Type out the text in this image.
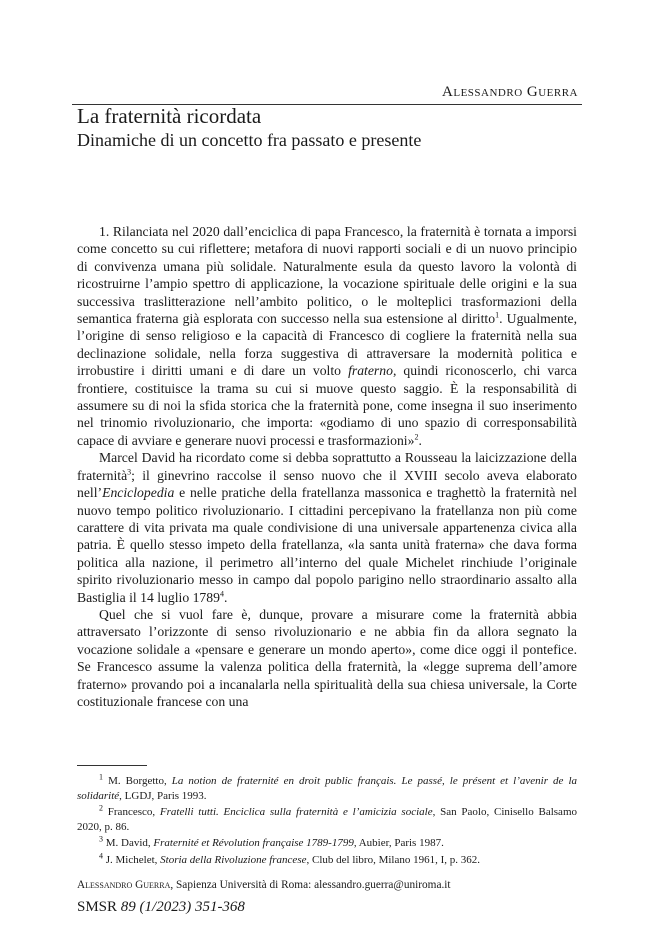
Alessandro Guerra
La fraternità ricordata
Dinamiche di un concetto fra passato e presente

1. Rilanciata nel 2020 dall’enciclica di papa Francesco, la fraternità è tornata a imporsi come concetto su cui riflettere; metafora di nuovi rapporti sociali e di un nuovo principio di convivenza umana più solidale. Naturalmente esula da questo lavoro la volontà di ricostruirne l’ampio spettro di applicazione, la vocazione spirituale delle origini e la sua successiva traslitterazione nell’ambito politico, o le molteplici trasformazioni della semantica fraterna già esplorata con successo nella sua estensione al diritto$^1$. Ugualmente, l’origine di senso religioso e la capacità di Francesco di cogliere la fraternità nella sua declinazione solidale, nella forza suggestiva di attraversare la modernità politica e irrobustire i diritti umani e di dare un volto fraterno, quindi riconoscerlo, chi varca frontiere, costituisce la trama su cui si muove questo saggio. È la responsabilità di assumere su di noi la sfida storica che la fraternità pone, come insegna il suo inserimento nel trinomio rivoluzionario, che importa: «godiamo di uno spazio di corresponsabilità capace di avviare e generare nuovi processi e trasformazioni»$^2$.

Marcel David ha ricordato come si debba soprattutto a Rousseau la laicizzazione della fraternità$^3$; il ginevrino raccolse il senso nuovo che il XVIII secolo aveva elaborato nell’Enciclopedia e nelle pratiche della fratellanza massonica e traghettò la fraternità nel nuovo tempo politico rivoluzionario. I cittadini percepivano la fratellanza non più come carattere di vita privata ma quale condivisione di una universale appartenenza civica alla patria. È quello stesso impeto della fratellanza, «la santa unità fraterna» che dava forma politica alla nazione, il perimetro all’interno del quale Michelet rinchiude l’originale spirito rivoluzionario messo in campo dal popolo parigino nello straordinario assalto alla Bastiglia il 14 luglio 1789$^4$.

Quel che si vuol fare è, dunque, provare a misurare come la fraternità abbia attraversato l’orizzonte di senso rivoluzionario e ne abbia fin da allora segnato la vocazione solidale a «pensare e generare un mondo aperto», come dice oggi il pontefice. Se Francesco assume la valenza politica della fraternità, la «legge suprema dell’amore fraterno» provando poi a incanalarla nella spiritualità della sua chiesa universale, la Corte costituzionale francese con una

$^1$ M. Borgetto, La notion de fraternité en droit public français. Le passé, le présent et l’avenir de la solidarité, LGDJ, Paris 1993.

$^2$ Francesco, Fratelli tutti. Enciclica sulla fraternità e l’amicizia sociale, San Paolo, Cinisello Balsamo 2020, p. 86.

$^3$ M. David, Fraternité et Révolution française 1789-1799, Aubier, Paris 1987.

$^4$ J. Michelet, Storia della Rivoluzione francese, Club del libro, Milano 1961, I, p. 362.

Alessandro Guerra, Sapienza Università di Roma: alessandro.guerra@uniroma.it
SMSR 89 (1/2023) 351-368
